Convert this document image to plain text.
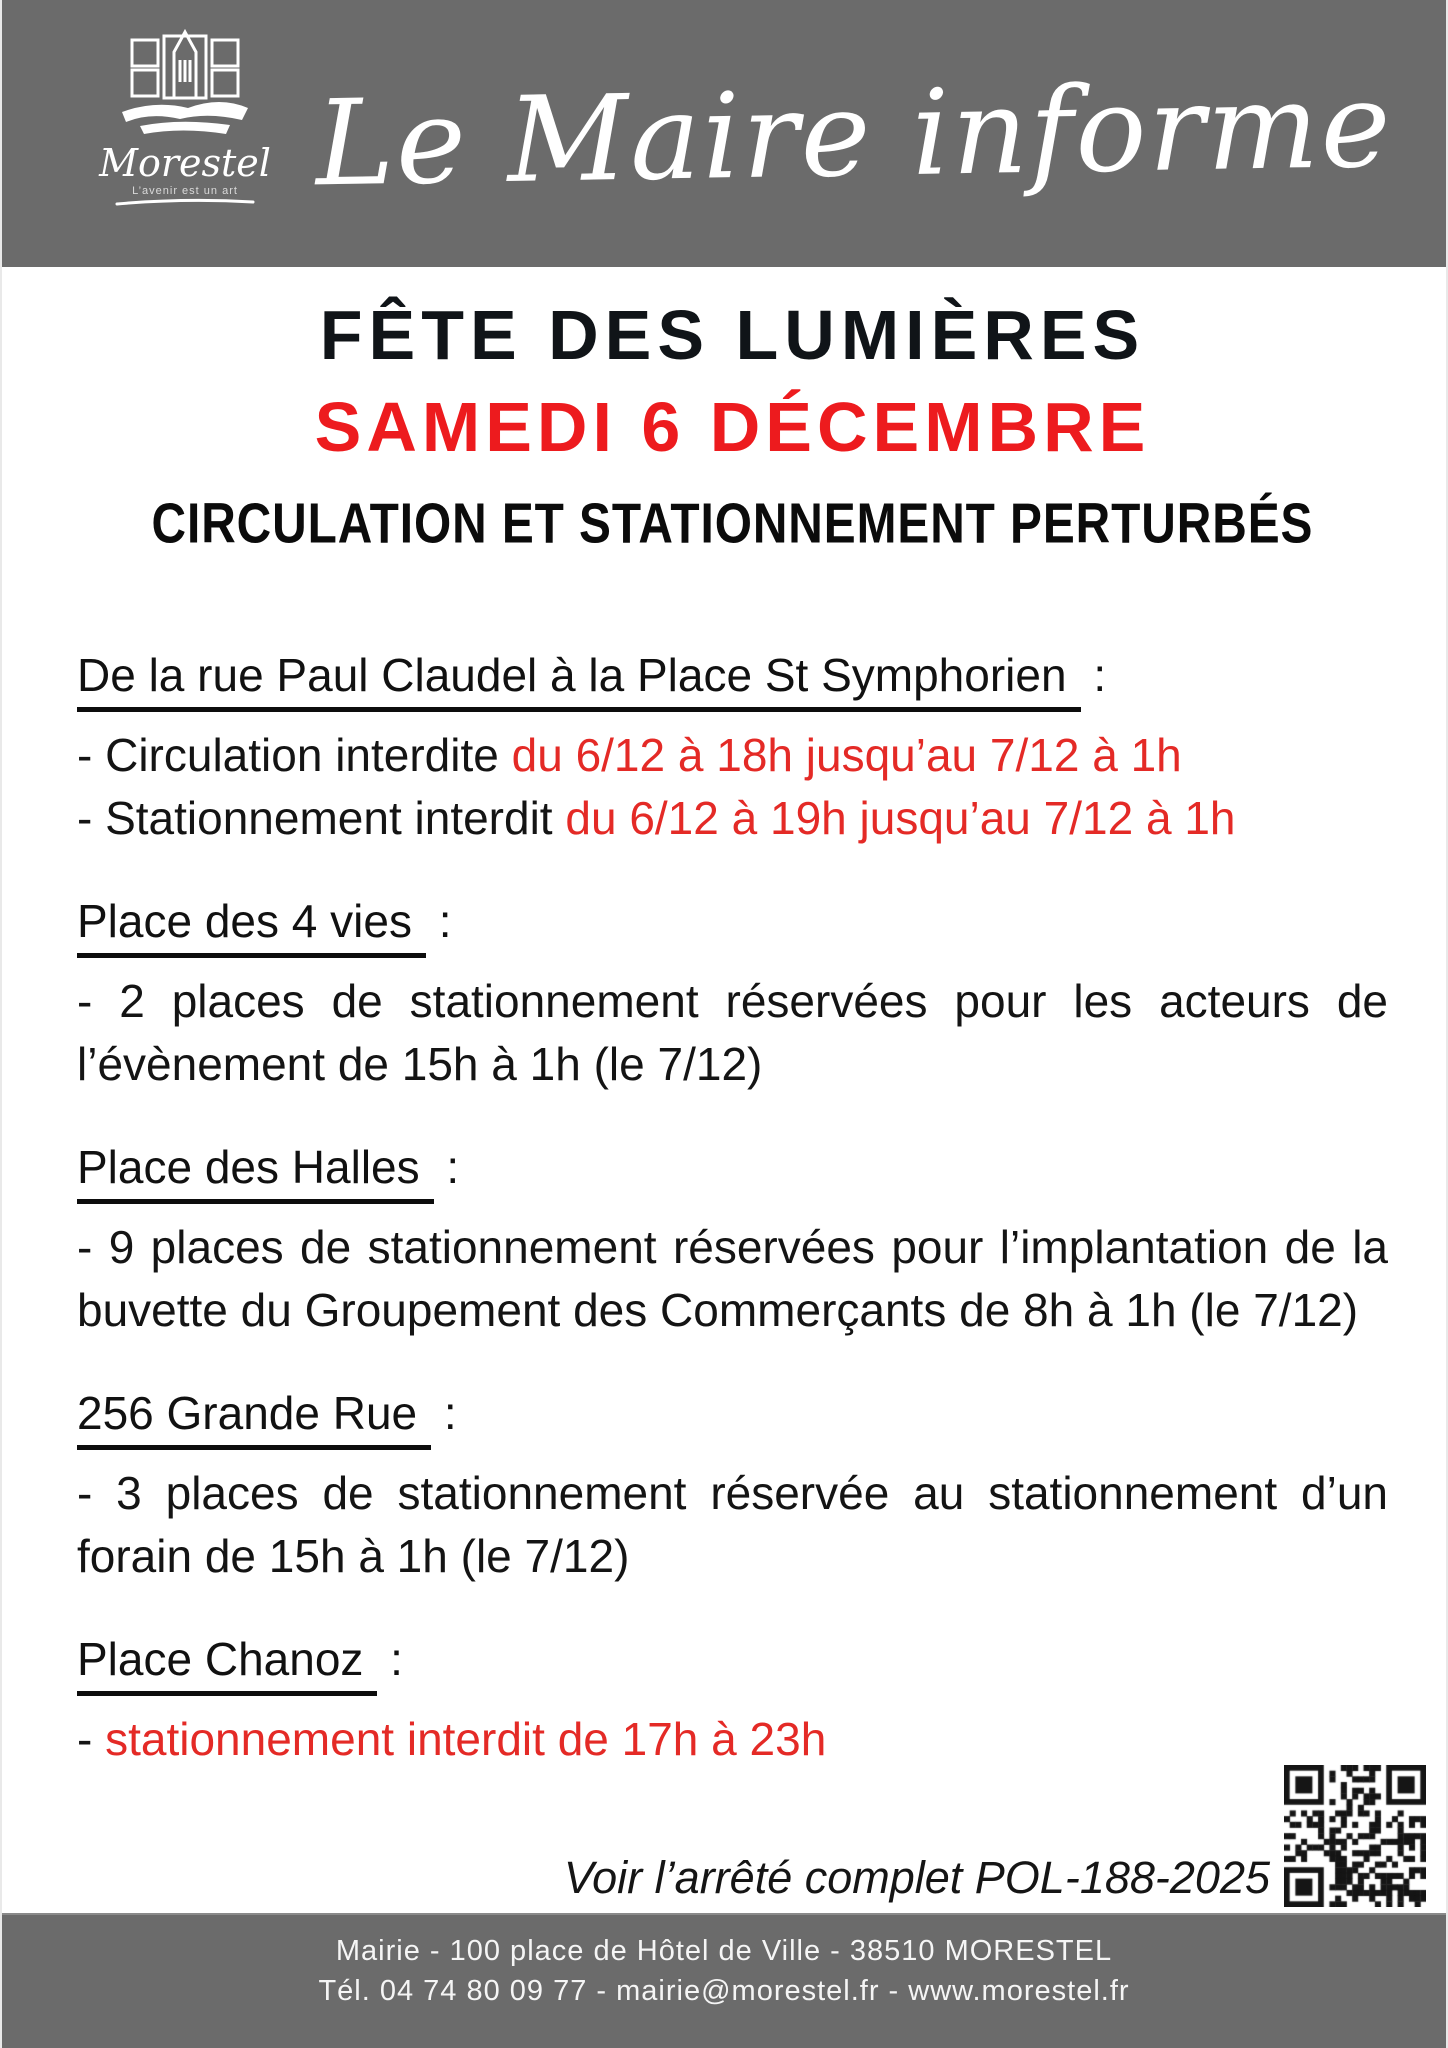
Morestel
L’avenir est un art Le Maire informe
FÊTE DES LUMIÈRES
SAMEDI 6 DÉCEMBRE
CIRCULATION ET STATIONNEMENT PERTURBÉS
De la rue Paul Claudel à la Place St Symphorien :
- Circulation interdite du 6/12 à 18h jusqu’au 7/12 à 1h
- Stationnement interdit du 6/12 à 19h jusqu’au 7/12 à 1h
Place des 4 vies :
- 2 places de stationnement réservées pour les acteurs de l’évènement de 15h à 1h (le 7/12)
Place des Halles :
- 9 places de stationnement réservées pour l’implantation de la buvette du Groupement des Commerçants de 8h à 1h (le 7/12)
256 Grande Rue :
- 3 places de stationnement réservée au stationnement d’un forain de 15h à 1h (le 7/12)
Place Chanoz :
- stationnement interdit de 17h à 23h
Voir l’arrêté complet POL-188-2025
Mairie - 100 place de Hôtel de Ville - 38510 MORESTEL
Tél. 04 74 80 09 77 - mairie@morestel.fr - www.morestel.fr
